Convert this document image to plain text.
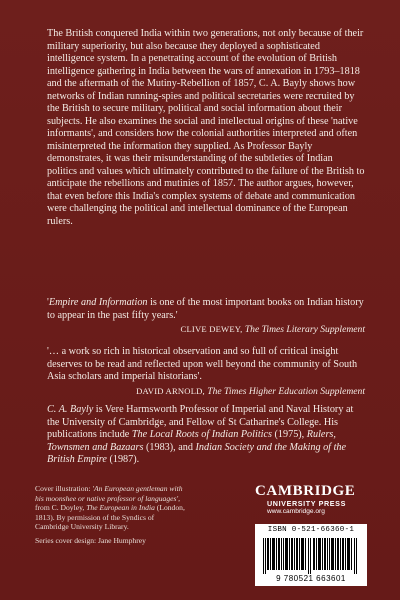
The British conquered India within two generations, not only because of their military superiority, but also because they deployed a sophisticated intelligence system. In a penetrating account of the evolution of British intelligence gathering in India between the wars of annexation in 1793–1818 and the aftermath of the Mutiny-Rebellion of 1857, C. A. Bayly shows how networks of Indian running-spies and political secretaries were recruited by the British to secure military, political and social information about their subjects. He also examines the social and intellectual origins of these 'native informants', and considers how the colonial authorities interpreted and often misinterpreted the information they supplied. As Professor Bayly demonstrates, it was their misunderstanding of the subtleties of Indian politics and values which ultimately contributed to the failure of the British to anticipate the rebellions and mutinies of 1857. The author argues, however, that even before this India's complex systems of debate and communication were challenging the political and intellectual dominance of the European rulers.

'Empire and Information is one of the most important books on Indian history to appear in the past fifty years.'
CLIVE DEWEY, The Times Literary Supplement
'… a work so rich in historical observation and so full of critical insight deserves to be read and reflected upon well beyond the community of South Asia scholars and imperial historians'.
DAVID ARNOLD, The Times Higher Education Supplement

C. A. Bayly is Vere Harmsworth Professor of Imperial and Naval History at the University of Cambridge, and Fellow of St Catharine's College. His publications include The Local Roots of Indian Politics (1975), Rulers, Townsmen and Bazaars (1983), and Indian Society and the Making of the British Empire (1987).

Cover illustration: 'An European gentleman with his moonshee or native professor of languages', from C. Doyley, The European in India (London, 1813). By permission of the Syndics of Cambridge University Library.

Series cover design: Jane Humphrey

CAMBRIDGE
UNIVERSITY PRESS
www.cambridge.org
ISBN 0-521-66360-1
9 780521 663601
